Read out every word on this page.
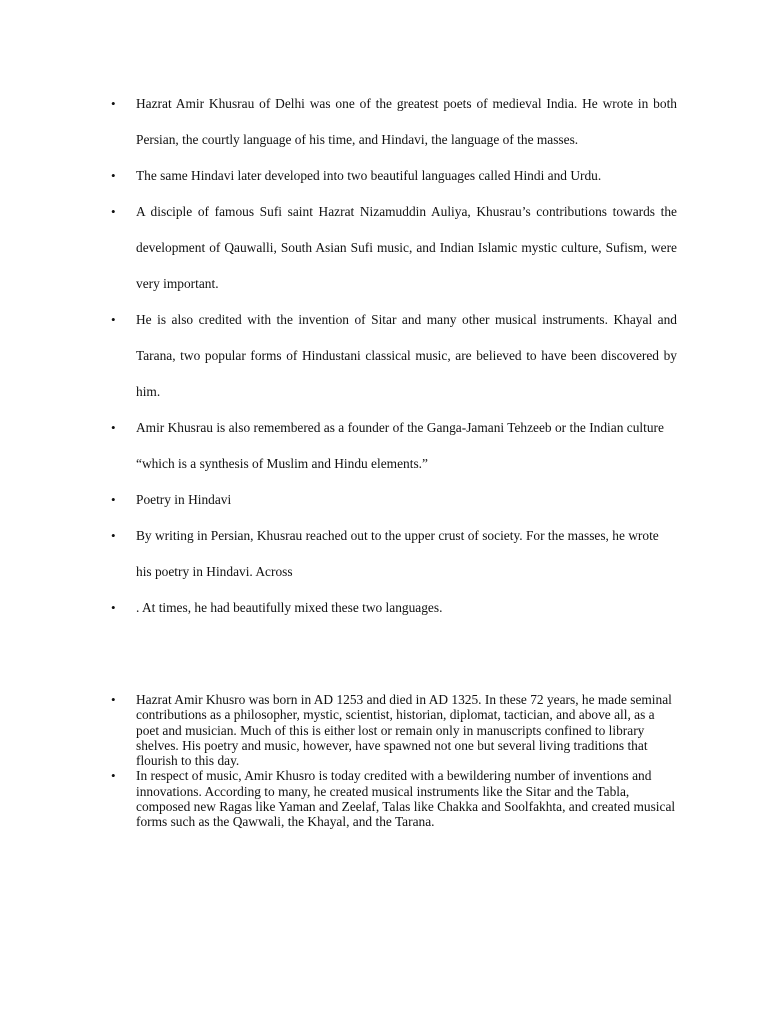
• Hazrat Amir Khusrau of Delhi was one of the greatest poets of medieval India. He wrote in both Persian, the courtly language of his time, and Hindavi, the language of the masses.
• The same Hindavi later developed into two beautiful languages called Hindi and Urdu.
• A disciple of famous Sufi saint Hazrat Nizamuddin Auliya, Khusrau’s contributions towards the development of Qauwalli, South Asian Sufi music, and Indian Islamic mystic culture, Sufism, were very important.
• He is also credited with the invention of Sitar and many other musical instruments. Khayal and Tarana, two popular forms of Hindustani classical music, are believed to have been discovered by him.
• Amir Khusrau is also remembered as a founder of the Ganga-Jamani Tehzeeb or the Indian culture “which is a synthesis of Muslim and Hindu elements.”
• Poetry in Hindavi
• By writing in Persian, Khusrau reached out to the upper crust of society. For the masses, he wrote his poetry in Hindavi. Across
• . At times, he had beautifully mixed these two languages.
• Hazrat Amir Khusro was born in AD 1253 and died in AD 1325. In these 72 years, he made seminal contributions as a philosopher, mystic, scientist, historian, diplomat, tactician, and above all, as a poet and musician. Much of this is either lost or remain only in manuscripts confined to library shelves. His poetry and music, however, have spawned not one but several living traditions that flourish to this day.
• In respect of music, Amir Khusro is today credited with a bewildering number of inventions and innovations. According to many, he created musical instruments like the Sitar and the Tabla, composed new Ragas like Yaman and Zeelaf, Talas like Chakka and Soolfakhta, and created musical forms such as the Qawwali, the Khayal, and the Tarana.
